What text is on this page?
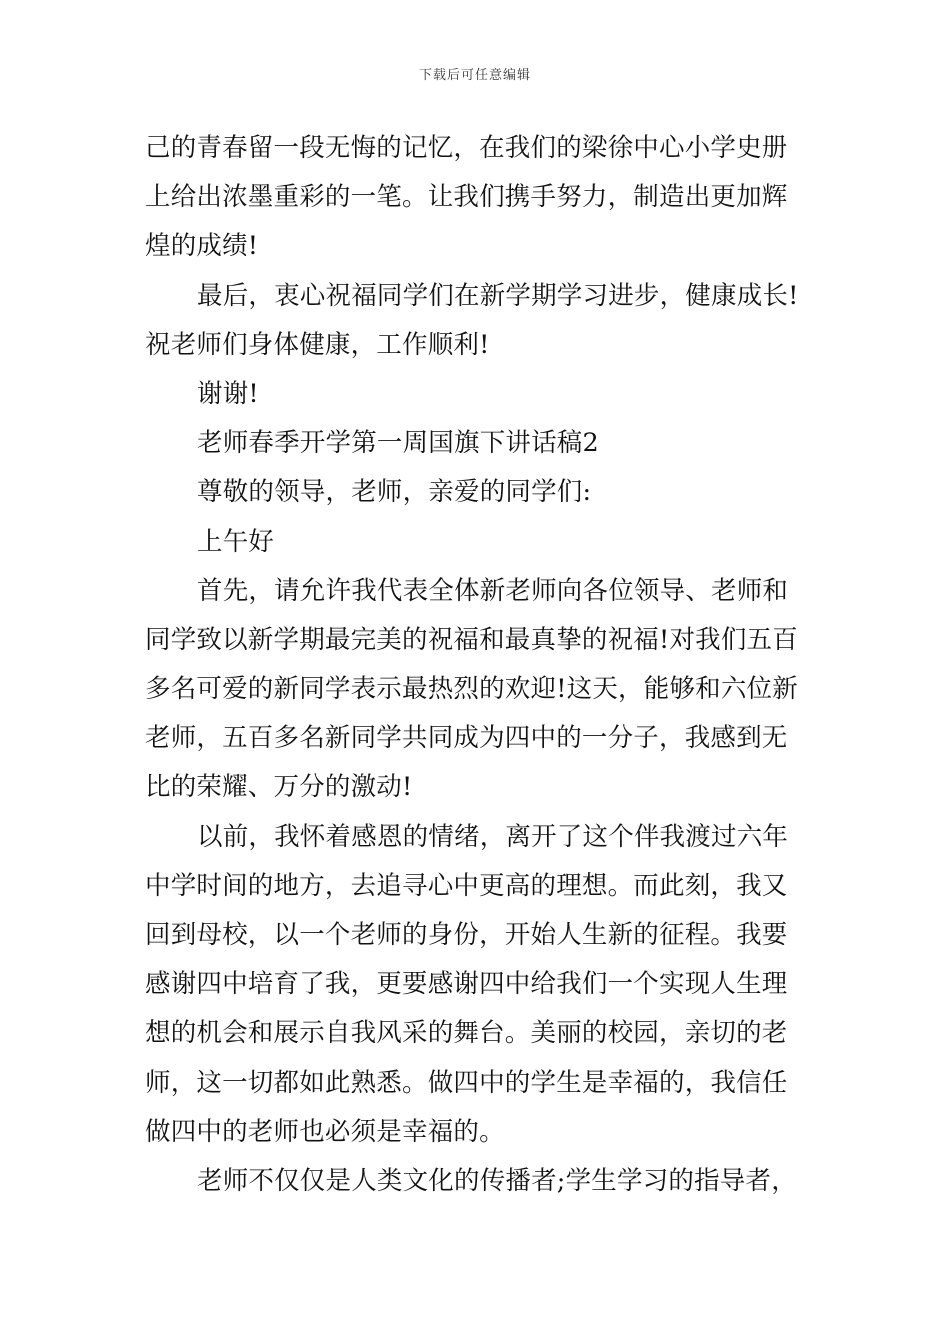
下载后可任意编辑
己的青春留一段无悔的记忆，在我们的梁徐中心小学史册
上给出浓墨重彩的一笔。让我们携手努力，制造出更加辉
煌的成绩!
最后，衷心祝福同学们在新学期学习进步，健康成长!
祝老师们身体健康，工作顺利!
谢谢!
老师春季开学第一周国旗下讲话稿2
尊敬的领导，老师，亲爱的同学们:
上午好
首先，请允许我代表全体新老师向各位领导、老师和
同学致以新学期最完美的祝福和最真挚的祝福!对我们五百
多名可爱的新同学表示最热烈的欢迎!这天，能够和六位新
老师，五百多名新同学共同成为四中的一分子，我感到无
比的荣耀、万分的激动!
以前，我怀着感恩的情绪，离开了这个伴我渡过六年
中学时间的地方，去追寻心中更高的理想。而此刻，我又
回到母校，以一个老师的身份，开始人生新的征程。我要
感谢四中培育了我，更要感谢四中给我们一个实现人生理
想的机会和展示自我风采的舞台。美丽的校园，亲切的老
师，这一切都如此熟悉。做四中的学生是幸福的，我信任
做四中的老师也必须是幸福的。
老师不仅仅是人类文化的传播者;学生学习的指导者，
